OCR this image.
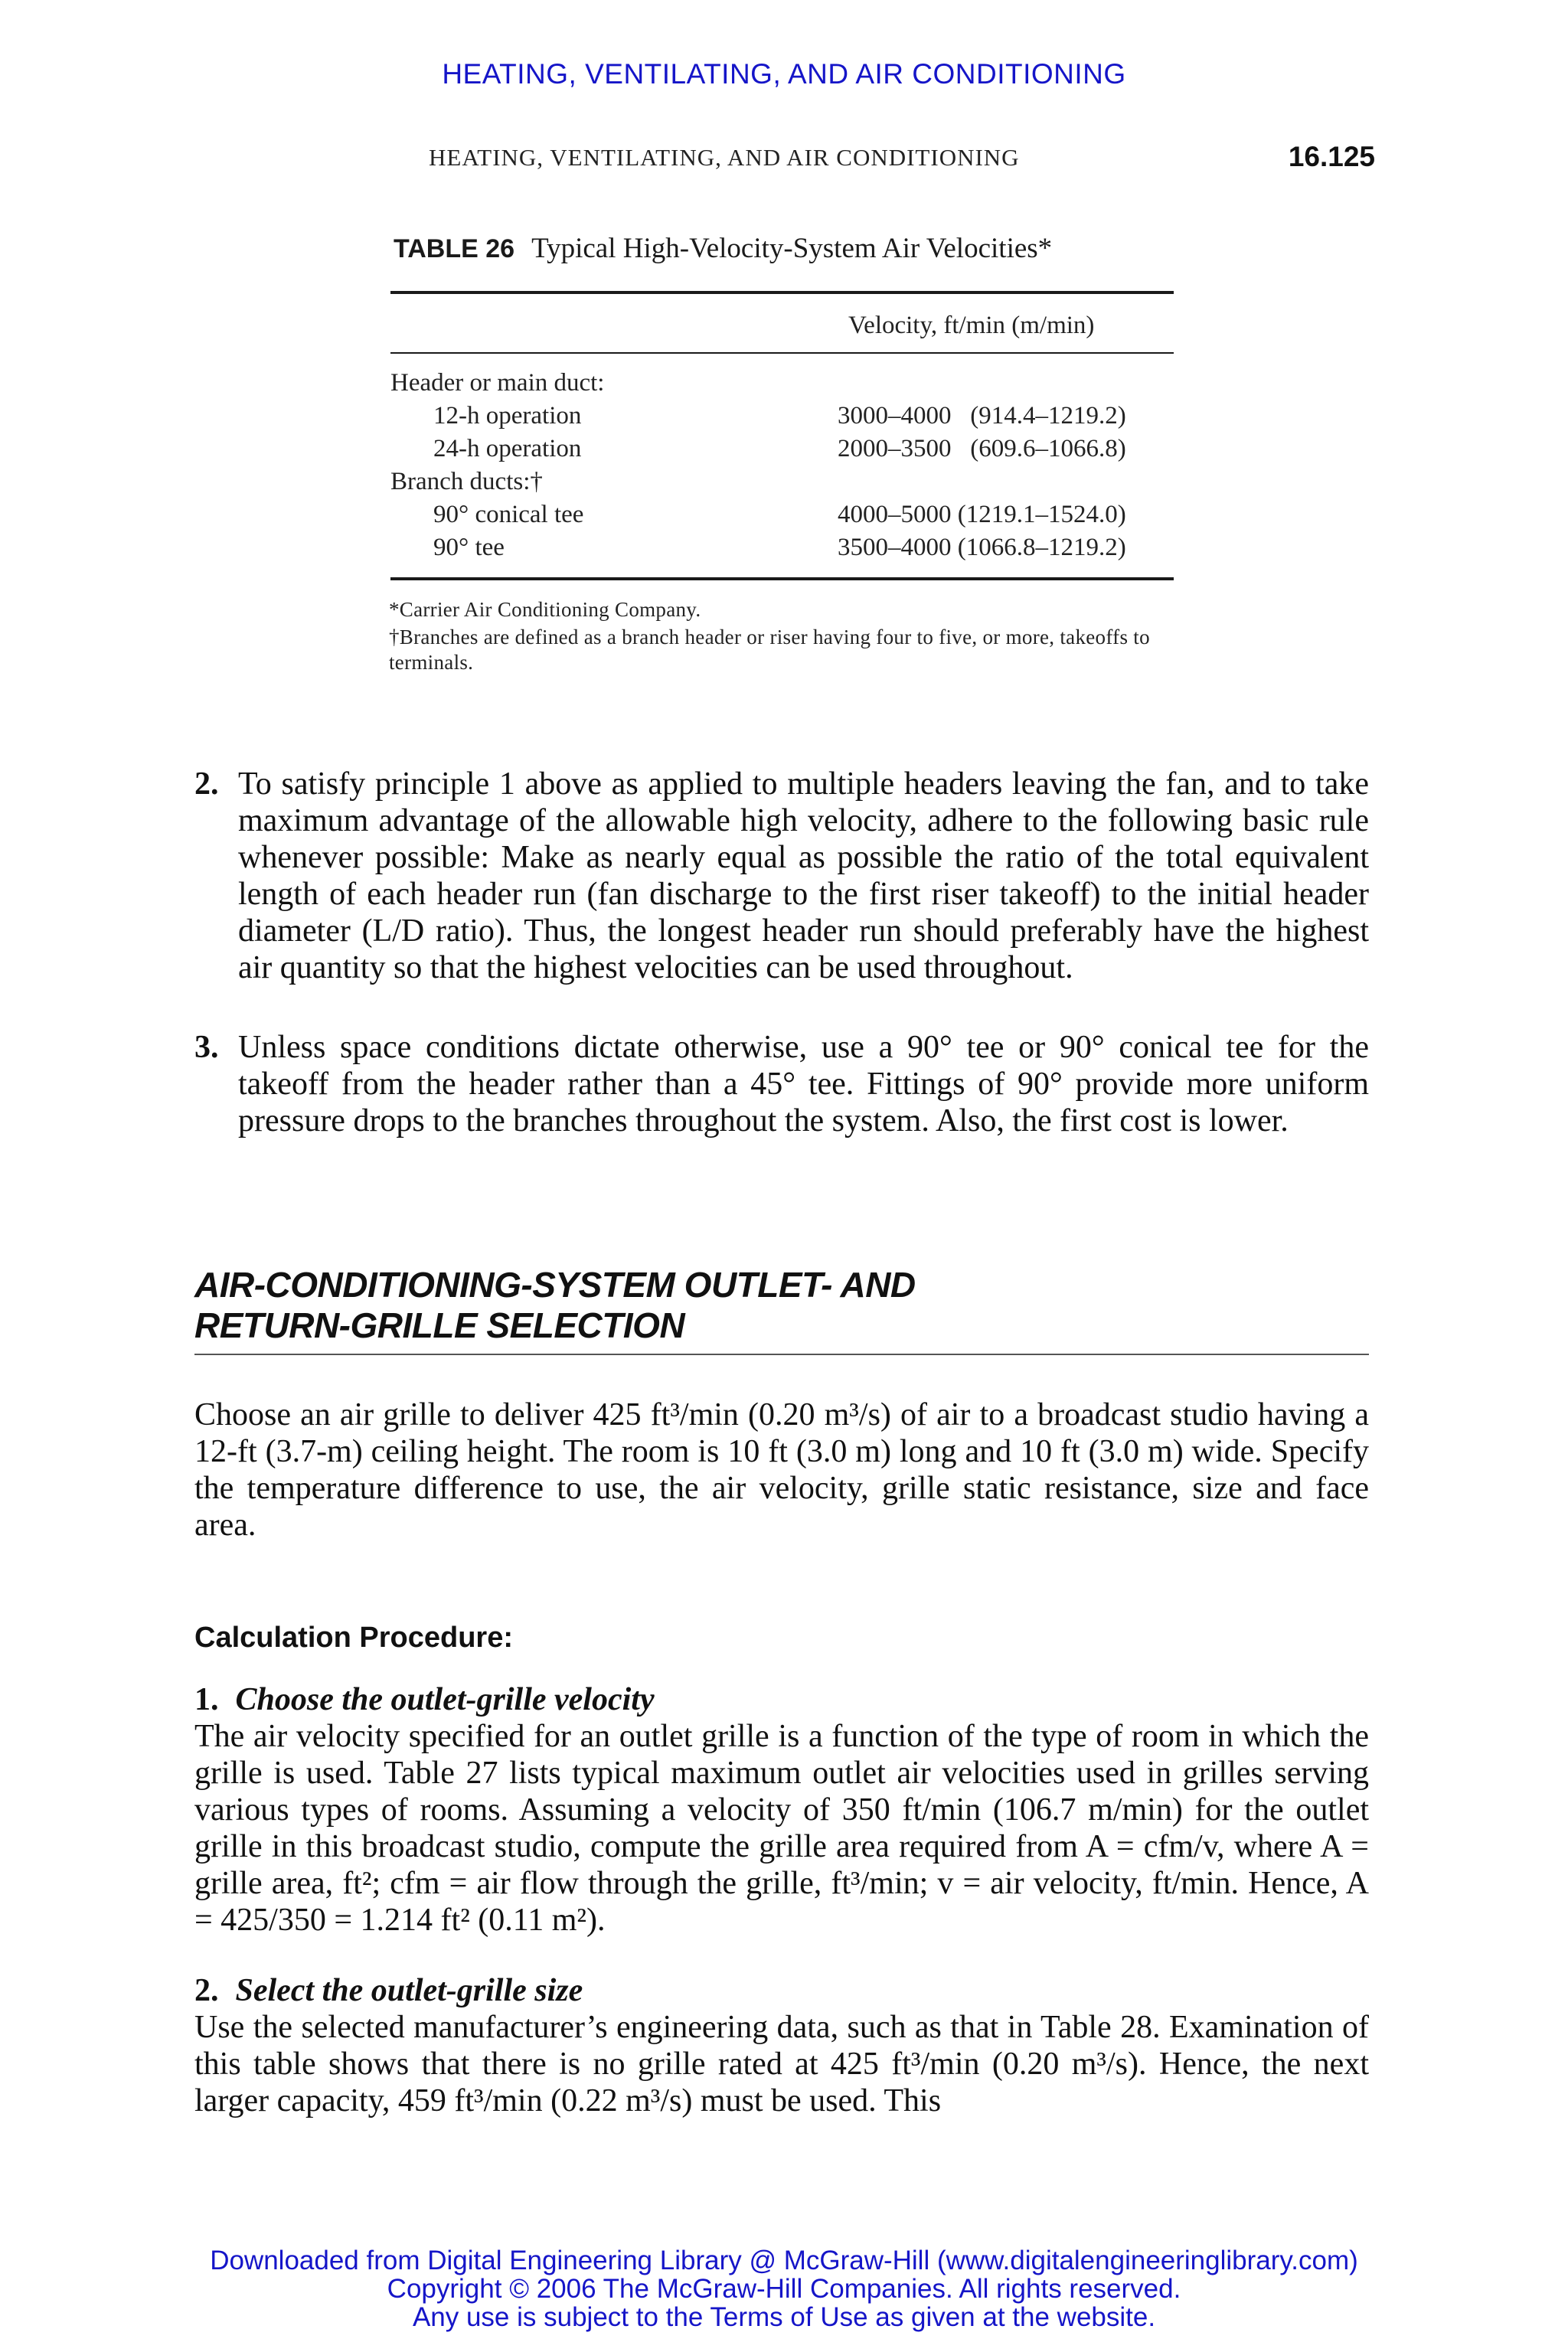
HEATING, VENTILATING, AND AIR CONDITIONING
HEATING, VENTILATING, AND AIR CONDITIONING	16.125
TABLE 26 Typical High-Velocity-System Air Velocities*
Velocity, ft/min (m/min)
Header or main duct:
12-h operation	3000–4000   (914.4–1219.2)
24-h operation	2000–3500   (609.6–1066.8)
Branch ducts:†
90° conical tee	4000–5000 (1219.1–1524.0)
90° tee	3500–4000 (1066.8–1219.2)
*Carrier Air Conditioning Company.
†Branches are defined as a branch header or riser having four to five, or more, takeoffs to terminals.
2. To satisfy principle 1 above as applied to multiple headers leaving the fan, and to take maximum advantage of the allowable high velocity, adhere to the following basic rule whenever possible: Make as nearly equal as possible the ratio of the total equivalent length of each header run (fan discharge to the first riser takeoff) to the initial header diameter (L/D ratio). Thus, the longest header run should preferably have the highest air quantity so that the highest velocities can be used throughout.
3. Unless space conditions dictate otherwise, use a 90° tee or 90° conical tee for the takeoff from the header rather than a 45° tee. Fittings of 90° provide more uniform pressure drops to the branches throughout the system. Also, the first cost is lower.
AIR-CONDITIONING-SYSTEM OUTLET- AND
RETURN-GRILLE SELECTION
Choose an air grille to deliver 425 ft³/min (0.20 m³/s) of air to a broadcast studio having a 12-ft (3.7-m) ceiling height. The room is 10 ft (3.0 m) long and 10 ft (3.0 m) wide. Specify the temperature difference to use, the air velocity, grille static resistance, size and face area.
Calculation Procedure:
1. Choose the outlet-grille velocity
The air velocity specified for an outlet grille is a function of the type of room in which the grille is used. Table 27 lists typical maximum outlet air velocities used in grilles serving various types of rooms. Assuming a velocity of 350 ft/min (106.7 m/min) for the outlet grille in this broadcast studio, compute the grille area required from A = cfm/v, where A = grille area, ft²; cfm = air flow through the grille, ft³/min; v = air velocity, ft/min. Hence, A = 425/350 = 1.214 ft² (0.11 m²).
2. Select the outlet-grille size
Use the selected manufacturer’s engineering data, such as that in Table 28. Examination of this table shows that there is no grille rated at 425 ft³/min (0.20 m³/s). Hence, the next larger capacity, 459 ft³/min (0.22 m³/s) must be used. This
Downloaded from Digital Engineering Library @ McGraw-Hill (www.digitalengineeringlibrary.com)
Copyright © 2006 The McGraw-Hill Companies. All rights reserved.
Any use is subject to the Terms of Use as given at the website.
